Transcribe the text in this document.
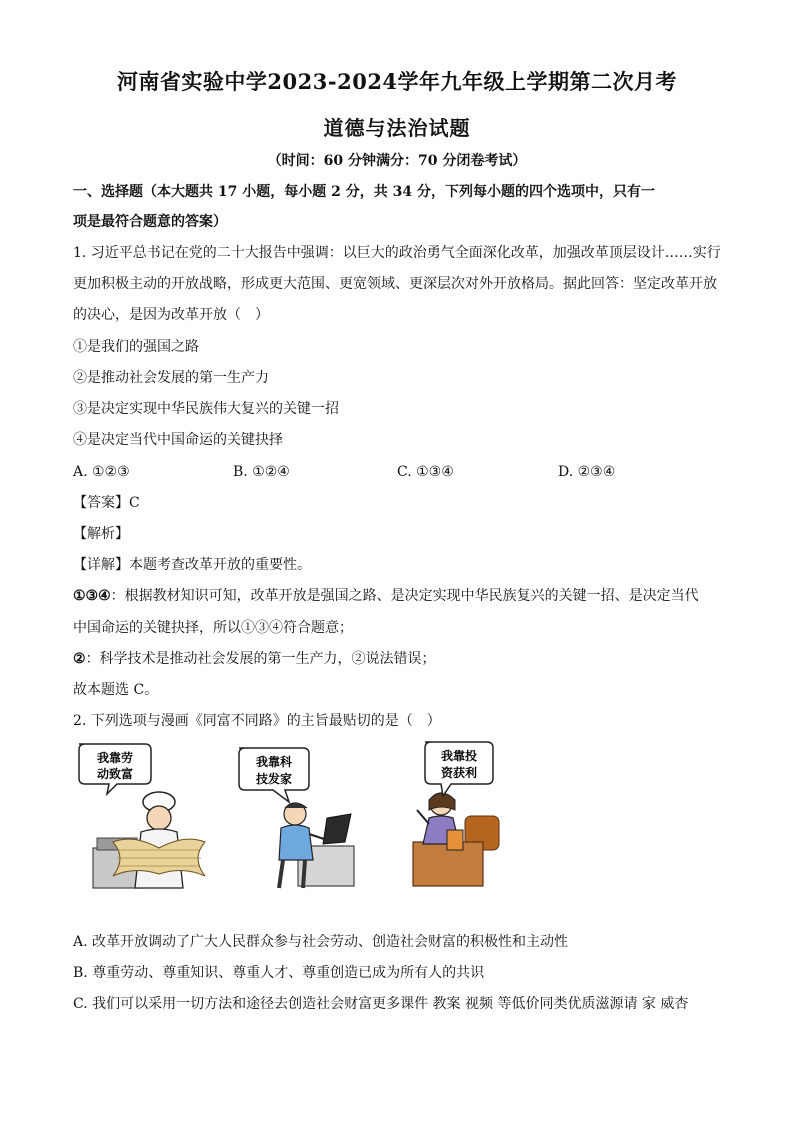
河南省实验中学2023-2024学年九年级上学期第二次月考
道德与法治试题
（时间：60 分钟满分：70 分闭卷考试）
一、选择题（本大题共 17 小题，每小题 2 分，共 34 分，下列每小题的四个选项中，只有一
项是最符合题意的答案）
1. 习近平总书记在党的二十大报告中强调：以巨大的政治勇气全面深化改革，加强改革顶层设计……实行
更加积极主动的开放战略，形成更大范围、更宽领域、更深层次对外开放格局。据此回答：坚定改革开放
的决心，是因为改革开放（　）
①是我们的强国之路
②是推动社会发展的第一生产力
③是决定实现中华民族伟大复兴的关键一招
④是决定当代中国命运的关键抉择
A. ①②③	B. ①②④	C. ①③④	D. ②③④
【答案】C
【解析】
【详解】本题考查改革开放的重要性。
①③④：根据教材知识可知，改革开放是强国之路、是决定实现中华民族复兴的关键一招、是决定当代
中国命运的关键抉择，所以①③④符合题意；
②：科学技术是推动社会发展的第一生产力，②说法错误；
故本题选 C。
2. 下列选项与漫画《同富不同路》的主旨最贴切的是（　）
我靠劳
动致富
我靠科
技发家
我靠投
资获利
A. 改革开放调动了广大人民群众参与社会劳动、创造社会财富的积极性和主动性
B. 尊重劳动、尊重知识、尊重人才、尊重创造已成为所有人的共识
C. 我们可以采用一切方法和途径去创造社会财富更多课件 教案 视频 等低价同类优质滋源请 家 威杏
